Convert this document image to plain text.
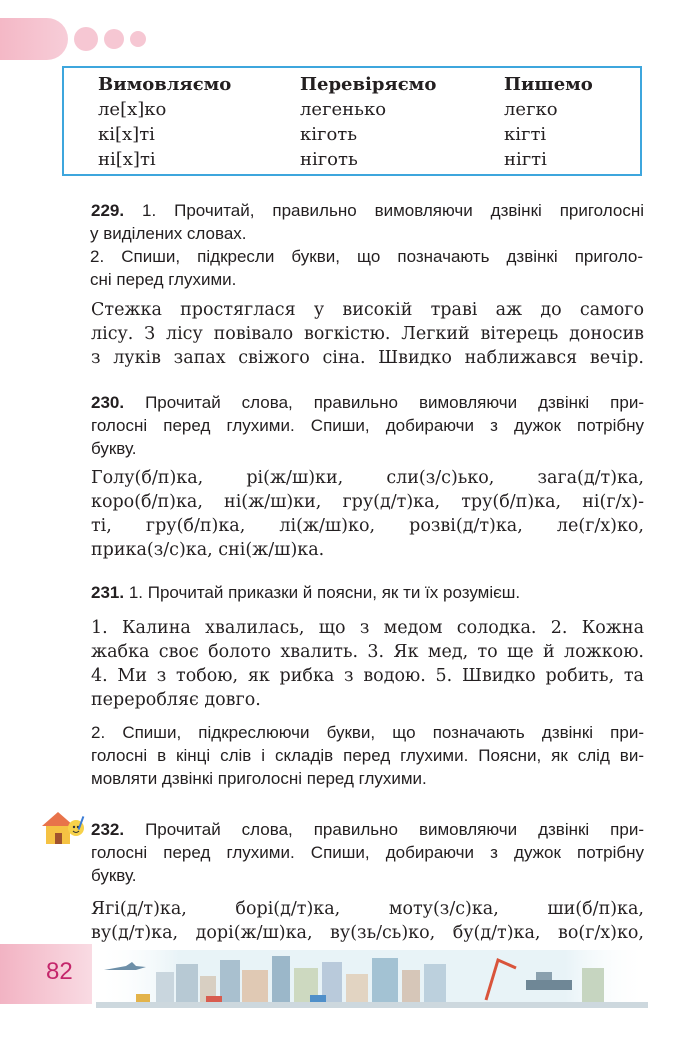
Вимовляємо
ле[х]ко
кі[х]ті
ні[х]ті
Перевіряємо
легенько
кіготь
ніготь
Пишемо
легко
кігті
нігті
229. 1. Прочитай, правильно вимовляючи дзвінкі приголосні
у виділених словах.
2. Спиши, підкресли букви, що позначають дзвінкі приголо-
сні перед глухими.
Стежка простяглася у високій траві аж до самого
лісу. З лісу повівало вогкістю. Легкий вітерець доносив
з луків запах свіжого сіна. Швидко наближався вечір.
230. Прочитай слова, правильно вимовляючи дзвінкі при-
голосні перед глухими. Спиши, добираючи з дужок потрібну
букву.
Голу(б/п)ка, рі(ж/ш)ки, сли(з/с)ько, зага(д/т)ка,
коро(б/п)ка, ні(ж/ш)ки, гру(д/т)ка, тру(б/п)ка, ні(г/х)-
ті, гру(б/п)ка, лі(ж/ш)ко, розві(д/т)ка, ле(г/х)ко,
прика(з/с)ка, сні(ж/ш)ка.
231. 1. Прочитай приказки й поясни, як ти їх розумієш.
1. Калина хвалилась, що з медом солодка. 2. Кожна
жабка своє болото хвалить. 3. Як мед, то ще й ложкою.
4. Ми з тобою, як рибка з водою. 5. Швидко робить, та
переробляє довго.
2. Спиши, підкреслюючи букви, що позначають дзвінкі при-
голосні в кінці слів і складів перед глухими. Поясни, як слід ви-
мовляти дзвінкі приголосні перед глухими.
232. Прочитай слова, правильно вимовляючи дзвінкі при-
голосні перед глухими. Спиши, добираючи з дужок потрібну
букву.
Ягі(д/т)ка, борі(д/т)ка, моту(з/с)ка, ши(б/п)ка,
ву(д/т)ка, дорі(ж/ш)ка, ву(зь/сь)ко, бу(д/т)ка, во(г/х)ко,
82
